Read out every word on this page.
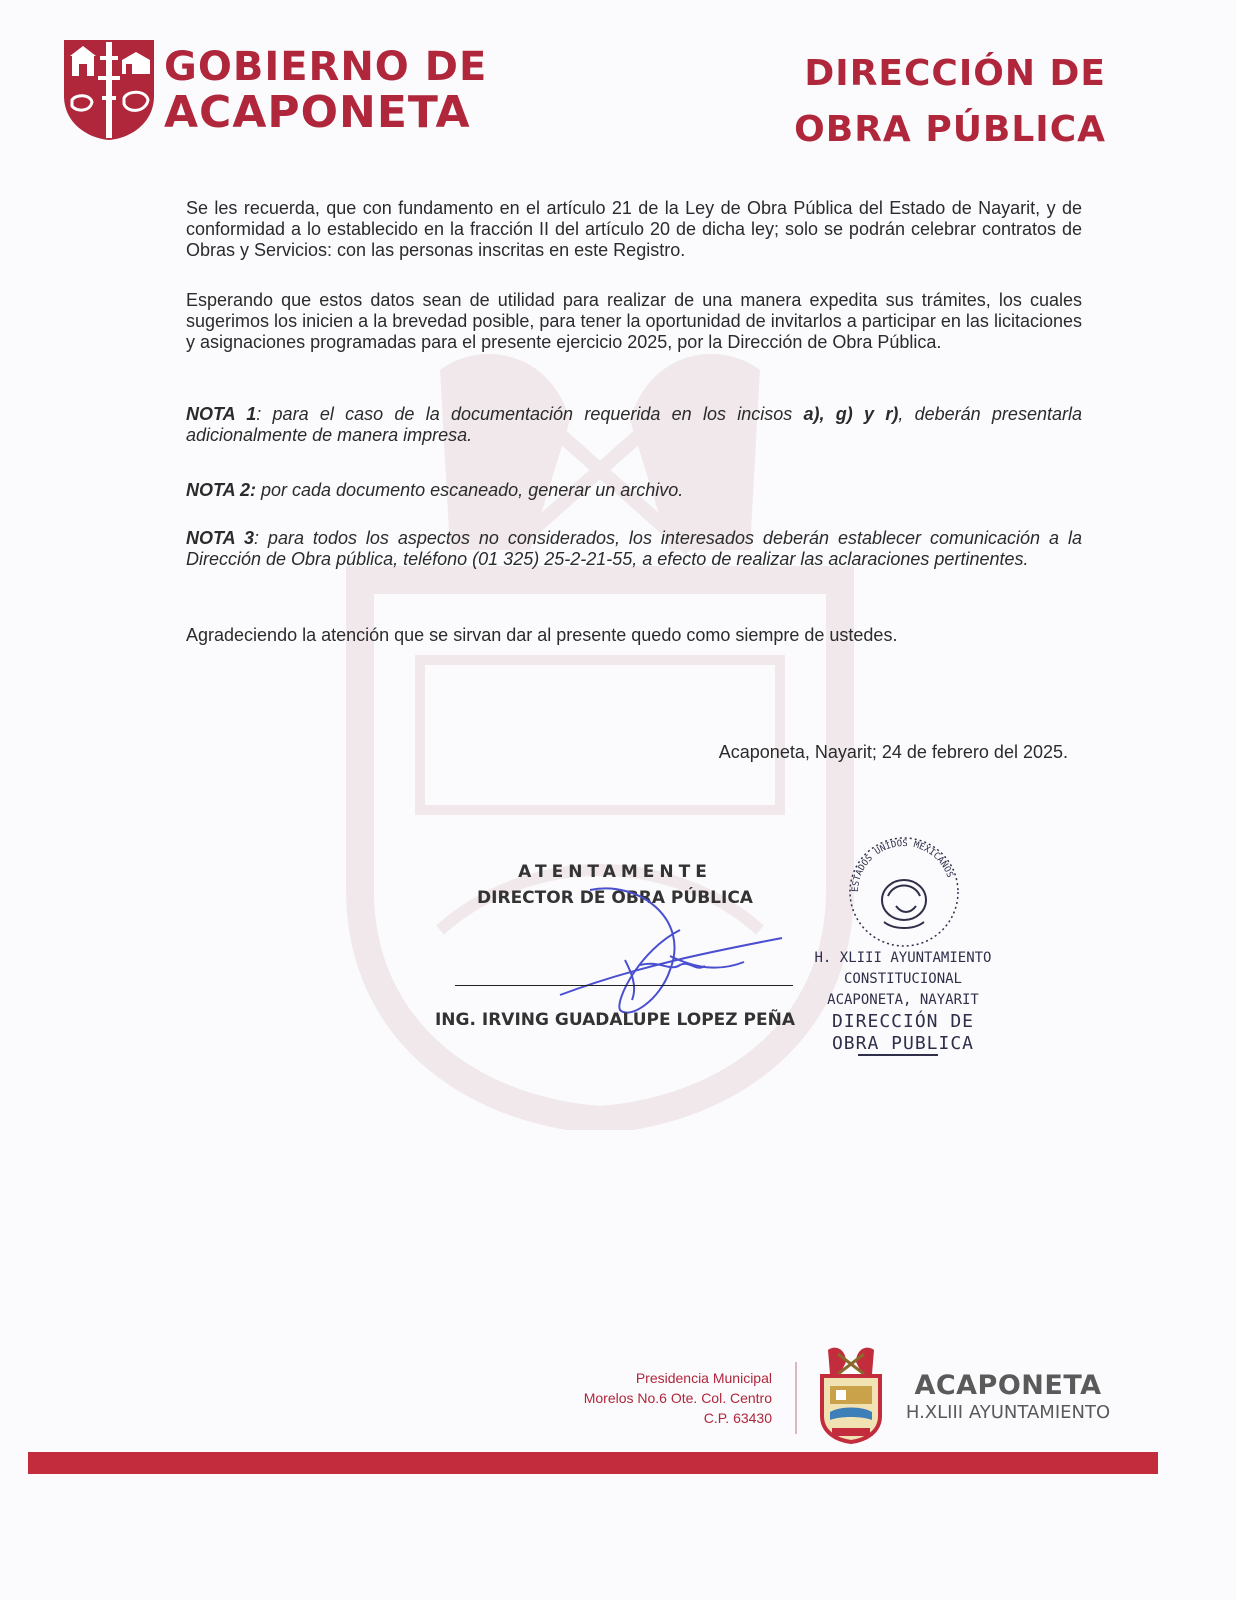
GOBIERNO DE
ACAPONETA
DIRECCIÓN DE
OBRA PÚBLICA
Se les recuerda, que con fundamento en el artículo 21 de la Ley de Obra Pública del Estado de Nayarit, y de conformidad a lo establecido en la fracción II del artículo 20 de dicha ley; solo se podrán celebrar contratos de Obras y Servicios: con las personas inscritas en este Registro.
Esperando que estos datos sean de utilidad para realizar de una manera expedita sus trámites, los cuales sugerimos los inicien a la brevedad posible, para tener la oportunidad de invitarlos a participar en las licitaciones y asignaciones programadas para el presente ejercicio 2025, por la Dirección de Obra Pública.
NOTA 1: para el caso de la documentación requerida en los incisos a), g) y r), deberán presentarla adicionalmente de manera impresa.
NOTA 2: por cada documento escaneado, generar un archivo.
NOTA 3: para todos los aspectos no considerados, los interesados deberán establecer comunicación a la Dirección de Obra pública, teléfono (01 325) 25-2-21-55, a efecto de realizar las aclaraciones pertinentes.
Agradeciendo la atención que se sirvan dar al presente quedo como siempre de ustedes.
Acaponeta, Nayarit; 24 de febrero del 2025.
ATENTAMENTE
DIRECTOR DE OBRA PÚBLICA
ING. IRVING GUADALUPE LOPEZ PEÑA
ESTADOS UNIDOS MEXICANOS
H. XLIII AYUNTAMIENTO
CONSTITUCIONAL
ACAPONETA, NAYARIT
DIRECCIÓN DE
OBRA PUBLICA
Presidencia Municipal
Morelos No.6 Ote. Col. Centro
C.P. 63430
ACAPONETA
H.XLIII AYUNTAMIENTO
